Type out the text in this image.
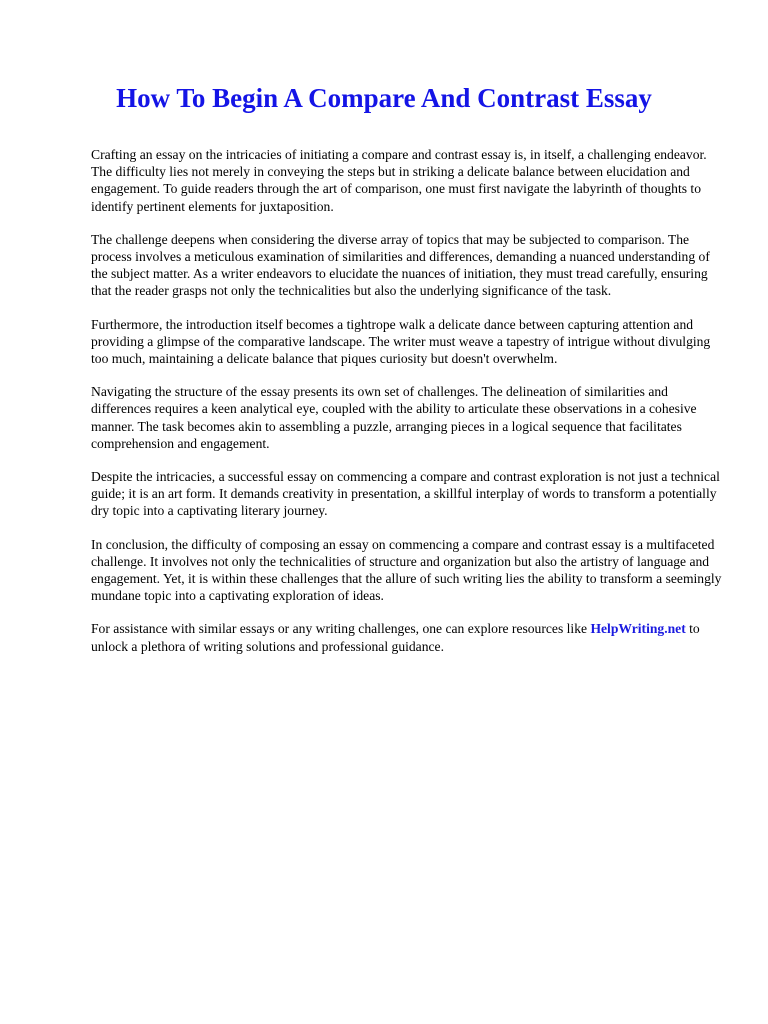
How To Begin A Compare And Contrast Essay

Crafting an essay on the intricacies of initiating a compare and contrast essay is, in itself, a challenging endeavor. The difficulty lies not merely in conveying the steps but in striking a delicate balance between elucidation and engagement. To guide readers through the art of comparison, one must first navigate the labyrinth of thoughts to identify pertinent elements for juxtaposition.

The challenge deepens when considering the diverse array of topics that may be subjected to comparison. The process involves a meticulous examination of similarities and differences, demanding a nuanced understanding of the subject matter. As a writer endeavors to elucidate the nuances of initiation, they must tread carefully, ensuring that the reader grasps not only the technicalities but also the underlying significance of the task.

Furthermore, the introduction itself becomes a tightrope walk a delicate dance between capturing attention and providing a glimpse of the comparative landscape. The writer must weave a tapestry of intrigue without divulging too much, maintaining a delicate balance that piques curiosity but doesn't overwhelm.

Navigating the structure of the essay presents its own set of challenges. The delineation of similarities and differences requires a keen analytical eye, coupled with the ability to articulate these observations in a cohesive manner. The task becomes akin to assembling a puzzle, arranging pieces in a logical sequence that facilitates comprehension and engagement.

Despite the intricacies, a successful essay on commencing a compare and contrast exploration is not just a technical guide; it is an art form. It demands creativity in presentation, a skillful interplay of words to transform a potentially dry topic into a captivating literary journey.

In conclusion, the difficulty of composing an essay on commencing a compare and contrast essay is a multifaceted challenge. It involves not only the technicalities of structure and organization but also the artistry of language and engagement. Yet, it is within these challenges that the allure of such writing lies the ability to transform a seemingly mundane topic into a captivating exploration of ideas.

For assistance with similar essays or any writing challenges, one can explore resources like HelpWriting.net to unlock a plethora of writing solutions and professional guidance.
